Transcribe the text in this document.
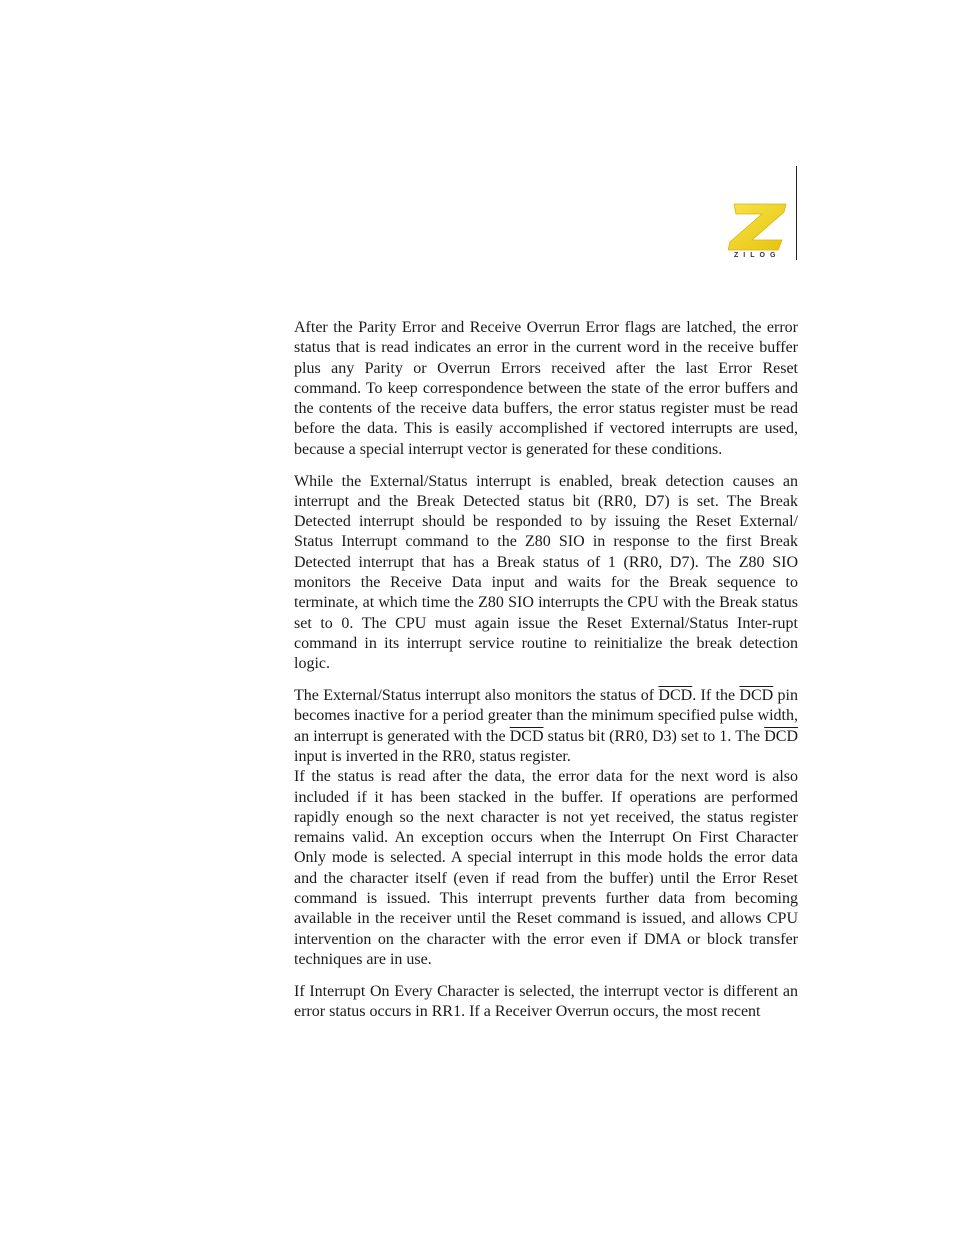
ZILOG

After the Parity Error and Receive Overrun Error flags are latched, the error status that is read indicates an error in the current word in the receive buffer plus any Parity or Overrun Errors received after the last Error Reset command. To keep correspondence between the state of the error buffers and the contents of the receive data buffers, the error status register must be read before the data. This is easily accomplished if vectored interrupts are used, because a special interrupt vector is generated for these conditions.

While the External/Status interrupt is enabled, break detection causes an interrupt and the Break Detected status bit (RR0, D7) is set. The Break Detected interrupt should be responded to by issuing the Reset External/ Status Interrupt command to the Z80 SIO in response to the first Break Detected interrupt that has a Break status of 1 (RR0, D7). The Z80 SIO monitors the Receive Data input and waits for the Break sequence to terminate, at which time the Z80 SIO interrupts the CPU with the Break status set to 0. The CPU must again issue the Reset External/Status Inter-rupt command in its interrupt service routine to reinitialize the break detection logic.

The External/Status interrupt also monitors the status of $\overline{DCD}$. If the $\overline{DCD}$ pin becomes inactive for a period greater than the minimum specified pulse width, an interrupt is generated with the $\overline{DCD}$ status bit (RR0, D3) set to 1. The $\overline{DCD}$ input is inverted in the RR0, status register.

If the status is read after the data, the error data for the next word is also included if it has been stacked in the buffer. If operations are performed rapidly enough so the next character is not yet received, the status register remains valid. An exception occurs when the Interrupt On First Character Only mode is selected. A special interrupt in this mode holds the error data and the character itself (even if read from the buffer) until the Error Reset command is issued. This interrupt prevents further data from becoming available in the receiver until the Reset command is issued, and allows CPU intervention on the character with the error even if DMA or block transfer techniques are in use.

If Interrupt On Every Character is selected, the interrupt vector is different an error status occurs in RR1. If a Receiver Overrun occurs, the most recent
